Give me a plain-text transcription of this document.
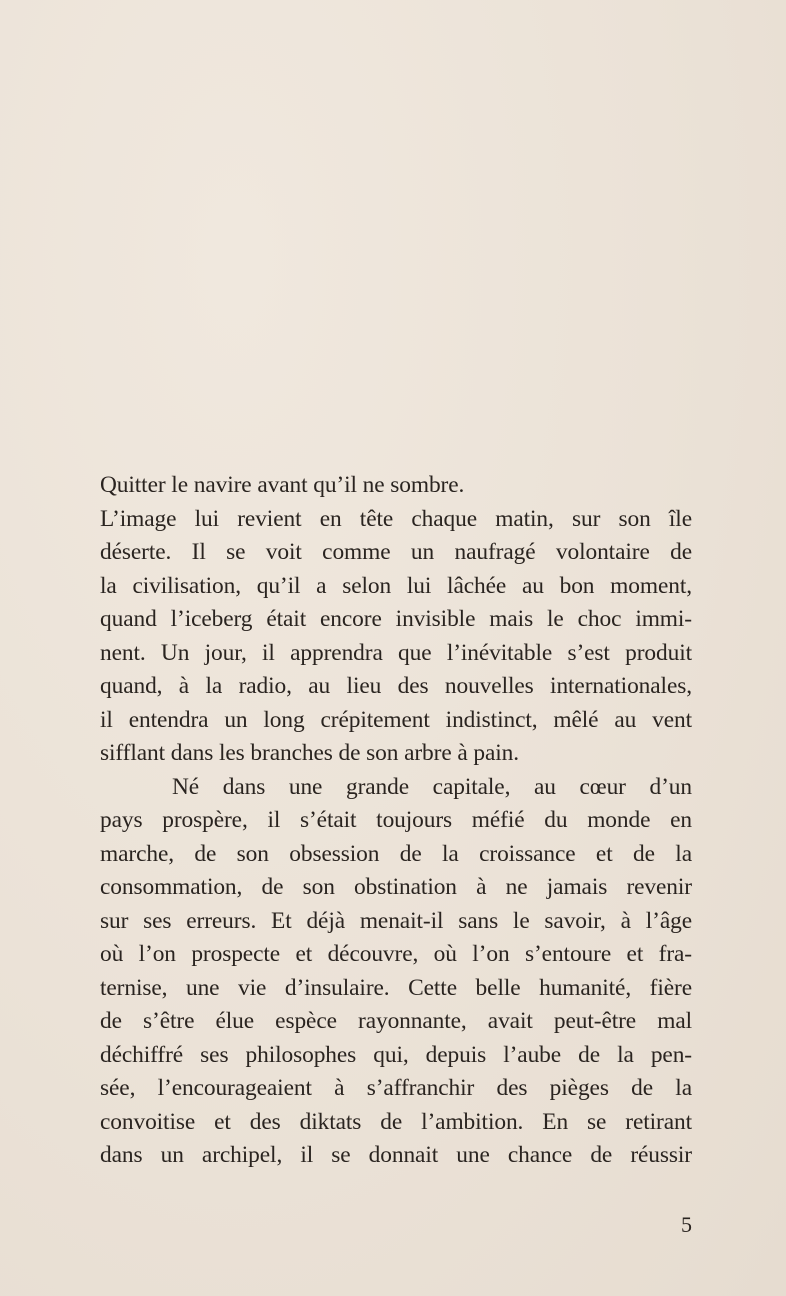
Quitter le navire avant qu’il ne sombre.
L’image lui revient en tête chaque matin, sur son île
déserte. Il se voit comme un naufragé volontaire de
la civilisation, qu’il a selon lui lâchée au bon moment,
quand l’iceberg était encore invisible mais le choc immi-
nent. Un jour, il apprendra que l’inévitable s’est produit
quand, à la radio, au lieu des nouvelles internationales,
il entendra un long crépitement indistinct, mêlé au vent
sifflant dans les branches de son arbre à pain.
Né dans une grande capitale, au cœur d’un
pays prospère, il s’était toujours méfié du monde en
marche, de son obsession de la croissance et de la
consommation, de son obstination à ne jamais revenir
sur ses erreurs. Et déjà menait-il sans le savoir, à l’âge
où l’on prospecte et découvre, où l’on s’entoure et fra-
ternise, une vie d’insulaire. Cette belle humanité, fière
de s’être élue espèce rayonnante, avait peut-être mal
déchiffré ses philosophes qui, depuis l’aube de la pen-
sée, l’encourageaient à s’affranchir des pièges de la
convoitise et des diktats de l’ambition. En se retirant
dans un archipel, il se donnait une chance de réussir
5
